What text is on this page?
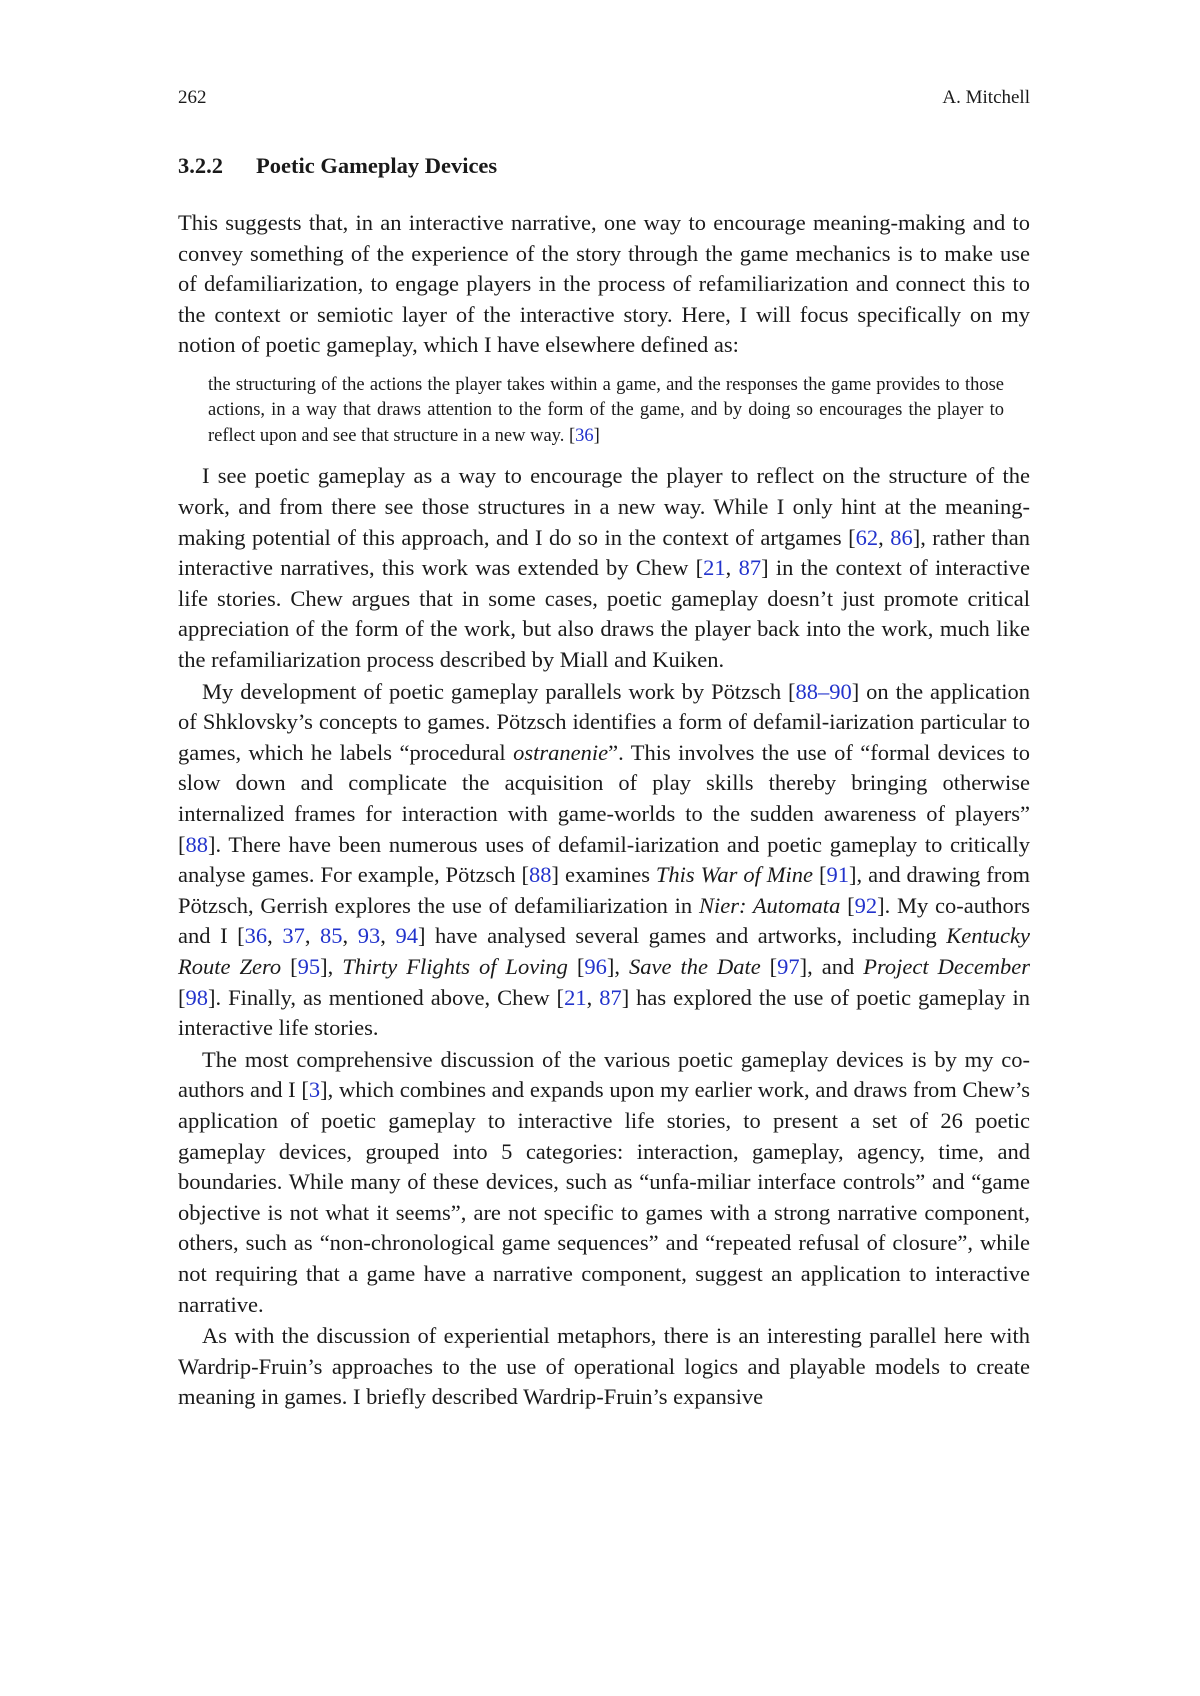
262	A. Mitchell
3.2.2 Poetic Gameplay Devices

This suggests that, in an interactive narrative, one way to encourage meaning-making and to convey something of the experience of the story through the game mechanics is to make use of defamiliarization, to engage players in the process of refamiliarization and connect this to the context or semiotic layer of the interactive story. Here, I will focus specifically on my notion of poetic gameplay, which I have elsewhere defined as:

the structuring of the actions the player takes within a game, and the responses the game provides to those actions, in a way that draws attention to the form of the game, and by doing so encourages the player to reflect upon and see that structure in a new way. [36]

I see poetic gameplay as a way to encourage the player to reflect on the structure of the work, and from there see those structures in a new way. While I only hint at the meaning-making potential of this approach, and I do so in the context of artgames [62, 86], rather than interactive narratives, this work was extended by Chew [21, 87] in the context of interactive life stories. Chew argues that in some cases, poetic gameplay doesn’t just promote critical appreciation of the form of the work, but also draws the player back into the work, much like the refamiliarization process described by Miall and Kuiken.

My development of poetic gameplay parallels work by Pötzsch [88–90] on the application of Shklovsky’s concepts to games. Pötzsch identifies a form of defamil-iarization particular to games, which he labels “procedural ostranenie”. This involves the use of “formal devices to slow down and complicate the acquisition of play skills thereby bringing otherwise internalized frames for interaction with game-worlds to the sudden awareness of players” [88]. There have been numerous uses of defamil-iarization and poetic gameplay to critically analyse games. For example, Pötzsch [88] examines This War of Mine [91], and drawing from Pötzsch, Gerrish explores the use of defamiliarization in Nier: Automata [92]. My co-authors and I [36, 37, 85, 93, 94] have analysed several games and artworks, including Kentucky Route Zero [95], Thirty Flights of Loving [96], Save the Date [97], and Project December [98]. Finally, as mentioned above, Chew [21, 87] has explored the use of poetic gameplay in interactive life stories.

The most comprehensive discussion of the various poetic gameplay devices is by my co-authors and I [3], which combines and expands upon my earlier work, and draws from Chew’s application of poetic gameplay to interactive life stories, to present a set of 26 poetic gameplay devices, grouped into 5 categories: interaction, gameplay, agency, time, and boundaries. While many of these devices, such as “unfa-miliar interface controls” and “game objective is not what it seems”, are not specific to games with a strong narrative component, others, such as “non-chronological game sequences” and “repeated refusal of closure”, while not requiring that a game have a narrative component, suggest an application to interactive narrative.

As with the discussion of experiential metaphors, there is an interesting parallel here with Wardrip-Fruin’s approaches to the use of operational logics and playable models to create meaning in games. I briefly described Wardrip-Fruin’s expansive
